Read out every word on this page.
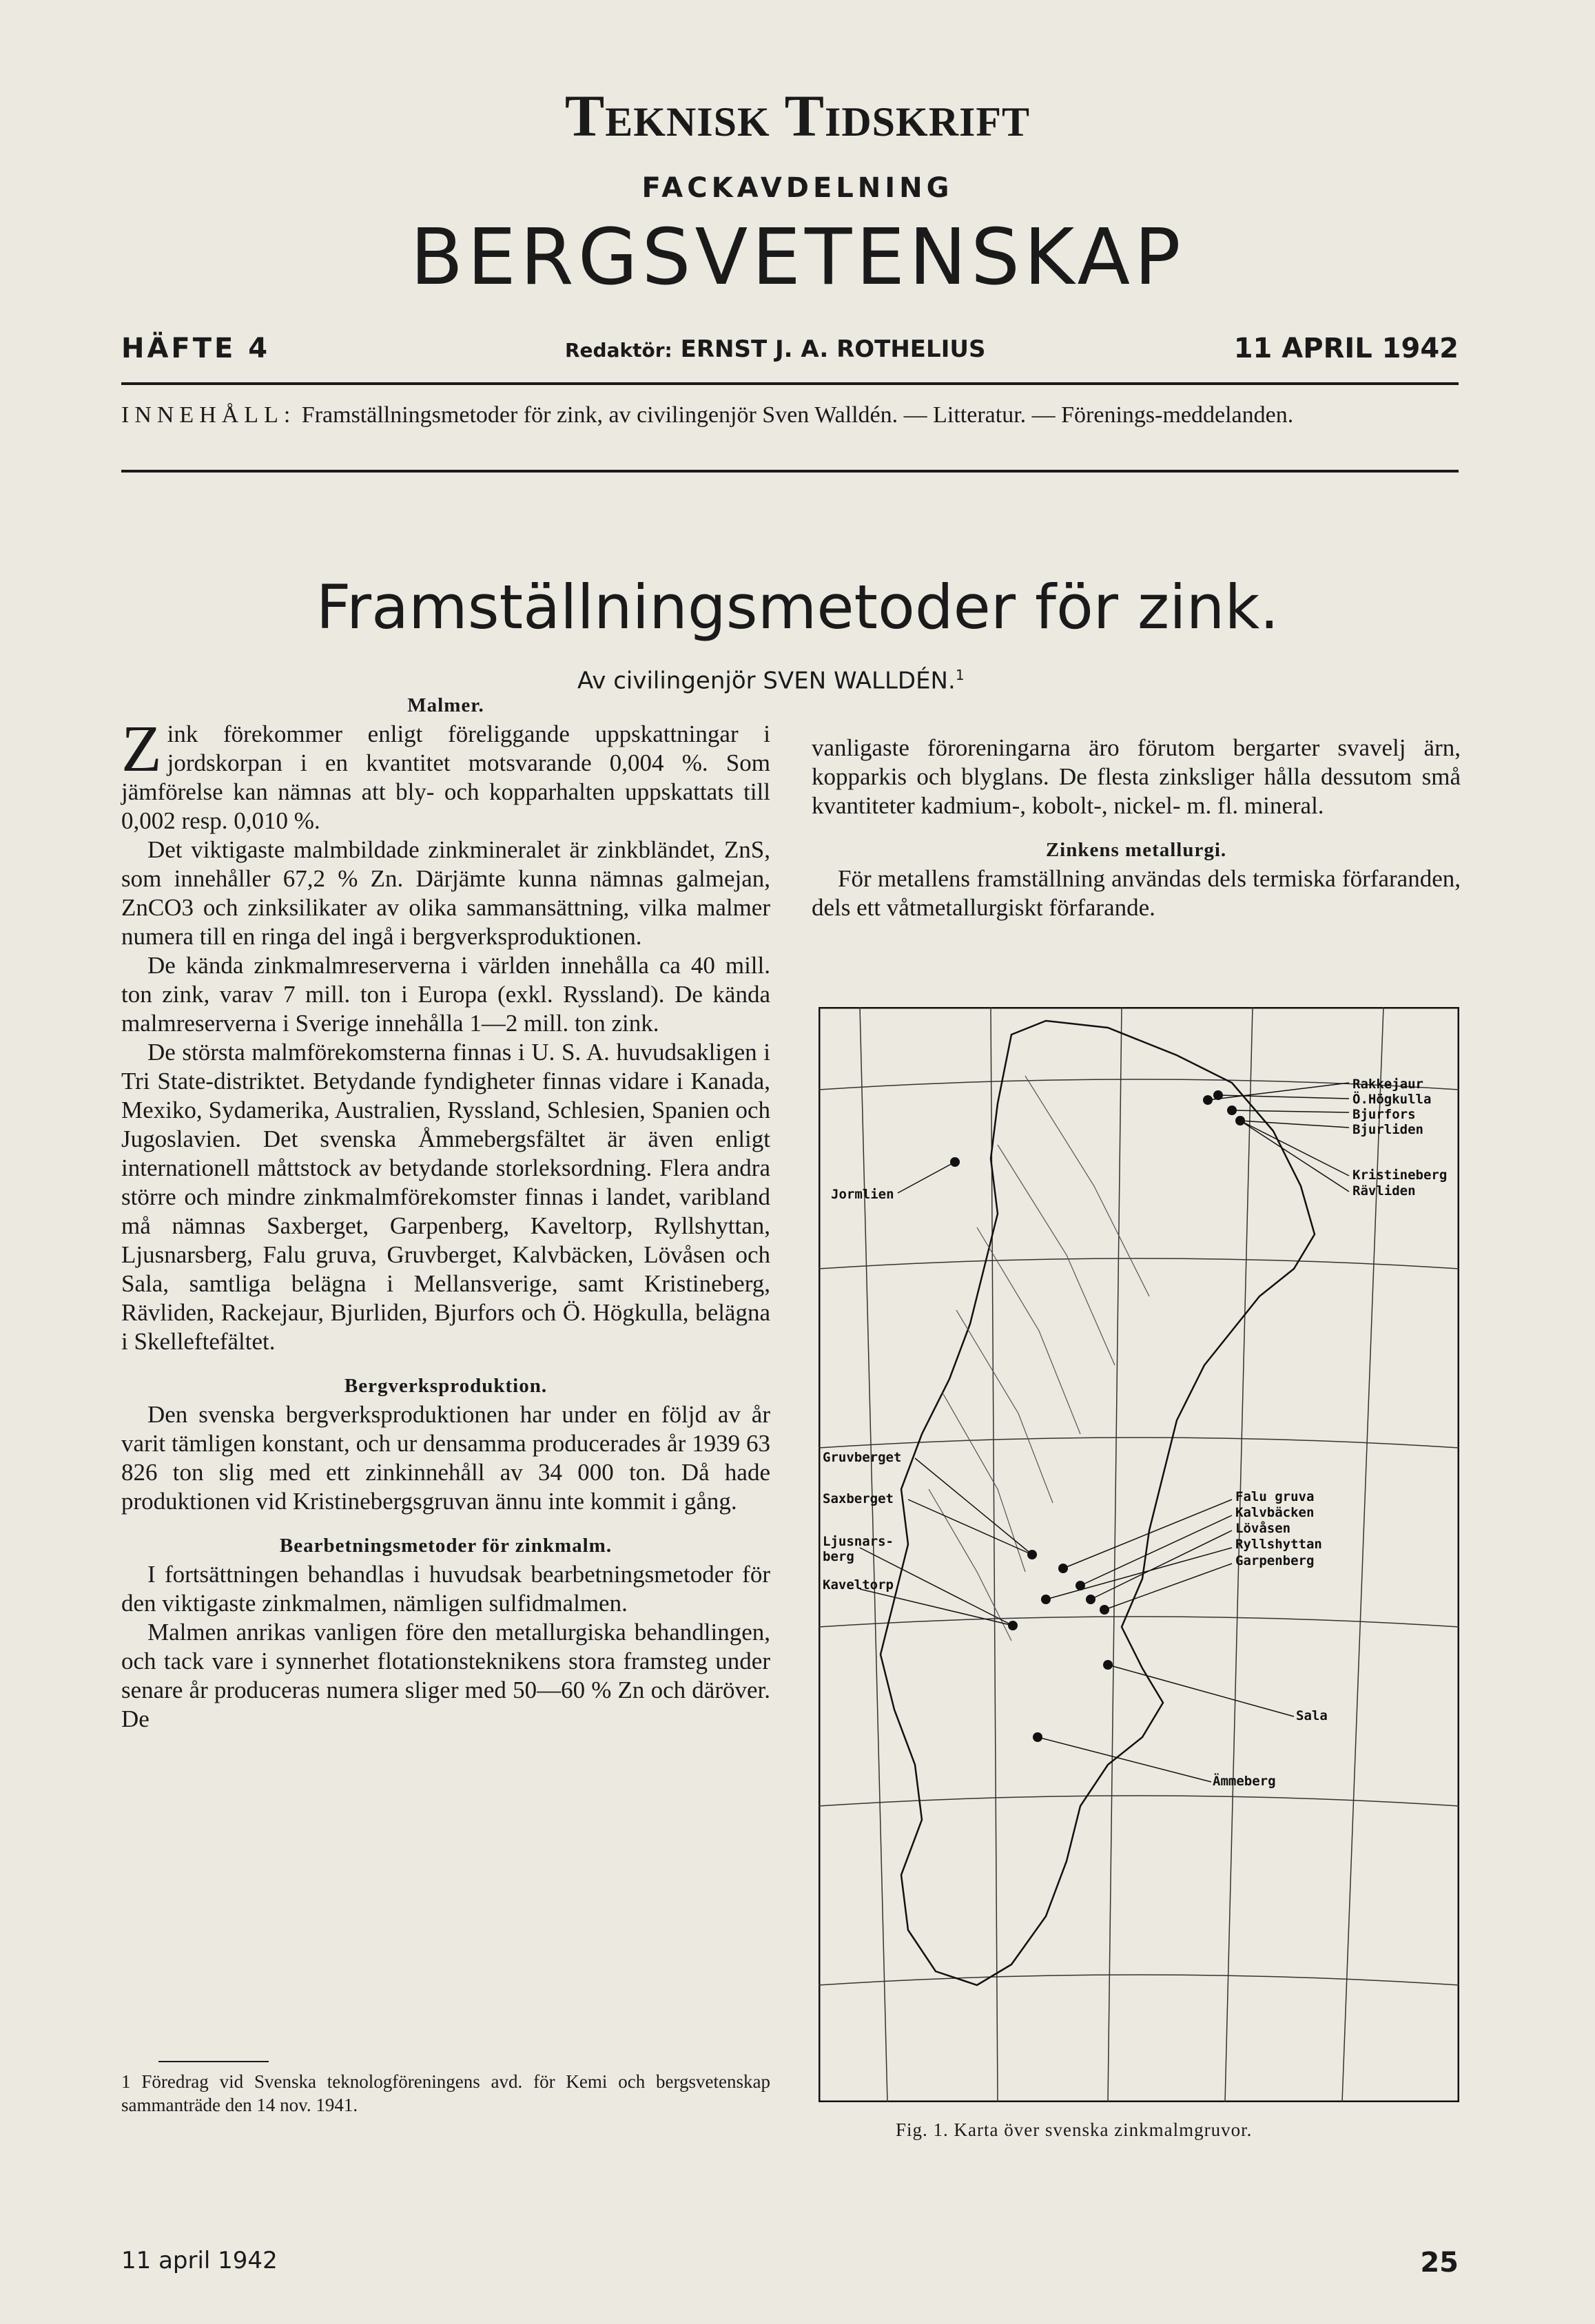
Teknisk Tidskrift
FACKAVDELNING
BERGSVETENSKAP
HÄFTE 4	Redaktör: ERNST J. A. ROTHELIUS	11 APRIL 1942
INNEHÅLL: Framställningsmetoder för zink, av civilingenjör Sven Walldén. — Litteratur. — Förenings-meddelanden.
Framställningsmetoder för zink.
Av civilingenjör SVEN WALLDÉN.$^1$
Malmer.

Zink förekommer enligt föreliggande uppskattningar i jordskorpan i en kvantitet motsvarande 0,004 %. Som jämförelse kan nämnas att bly- och kopparhalten uppskattats till 0,002 resp. 0,010 %.

Det viktigaste malmbildade zinkmineralet är zinkbländet, ZnS, som innehåller 67,2 % Zn. Därjämte kunna nämnas galmejan, ZnCO3 och zinksilikater av olika sammansättning, vilka malmer numera till en ringa del ingå i bergverksproduktionen.

De kända zinkmalmreserverna i världen innehålla ca 40 mill. ton zink, varav 7 mill. ton i Europa (exkl. Ryssland). De kända malmreserverna i Sverige innehålla 1—2 mill. ton zink.

De största malmförekomsterna finnas i U. S. A. huvudsakligen i Tri State-distriktet. Betydande fyndigheter finnas vidare i Kanada, Mexiko, Sydamerika, Australien, Ryssland, Schlesien, Spanien och Jugoslavien. Det svenska Åmmebergsfältet är även enligt internationell måttstock av betydande storleksordning. Flera andra större och mindre zinkmalmförekomster finnas i landet, varibland må nämnas Saxberget, Garpenberg, Kaveltorp, Ryllshyttan, Ljusnarsberg, Falu gruva, Gruvberget, Kalvbäcken, Lövåsen och Sala, samtliga belägna i Mellansverige, samt Kristineberg, Rävliden, Rackejaur, Bjurliden, Bjurfors och Ö. Högkulla, belägna i Skelleftefältet.

Bergverksproduktion.

Den svenska bergverksproduktionen har under en följd av år varit tämligen konstant, och ur densamma producerades år 1939 63 826 ton slig med ett zinkinnehåll av 34 000 ton. Då hade produktionen vid Kristinebergsgruvan ännu inte kommit i gång.

Bearbetningsmetoder för zinkmalm.

I fortsättningen behandlas i huvudsak bearbetningsmetoder för den viktigaste zinkmalmen, nämligen sulfidmalmen.

Malmen anrikas vanligen före den metallurgiska behandlingen, och tack vare i synnerhet flotationsteknikens stora framsteg under senare år produceras numera sliger med 50—60 % Zn och däröver. De

1 Föredrag vid Svenska teknologföreningens avd. för Kemi och bergsvetenskap sammanträde den 14 nov. 1941.

vanligaste föroreningarna äro förutom bergarter svavelj ärn, kopparkis och blyglans. De flesta zinksliger hålla dessutom små kvantiteter kadmium-, kobolt-, nickel- m. fl. mineral.

Zinkens metallurgi.

För metallens framställning användas dels termiska förfaranden, dels ett våtmetallurgiskt förfarande.

Rakkejaur
Ö.Högkulla
Bjurfors
Bjurliden
Kristineberg
Rävliden
Jormlien
Gruvberget
Saxberget
Ljusnars-
berg
Kaveltorp
Falu gruva
Kalvbäcken
Lövåsen
Ryllshyttan
Garpenberg
Sala
Ämmeberg
Fig. 1. Karta över svenska zinkmalmgruvor.
11 april 1942	25
